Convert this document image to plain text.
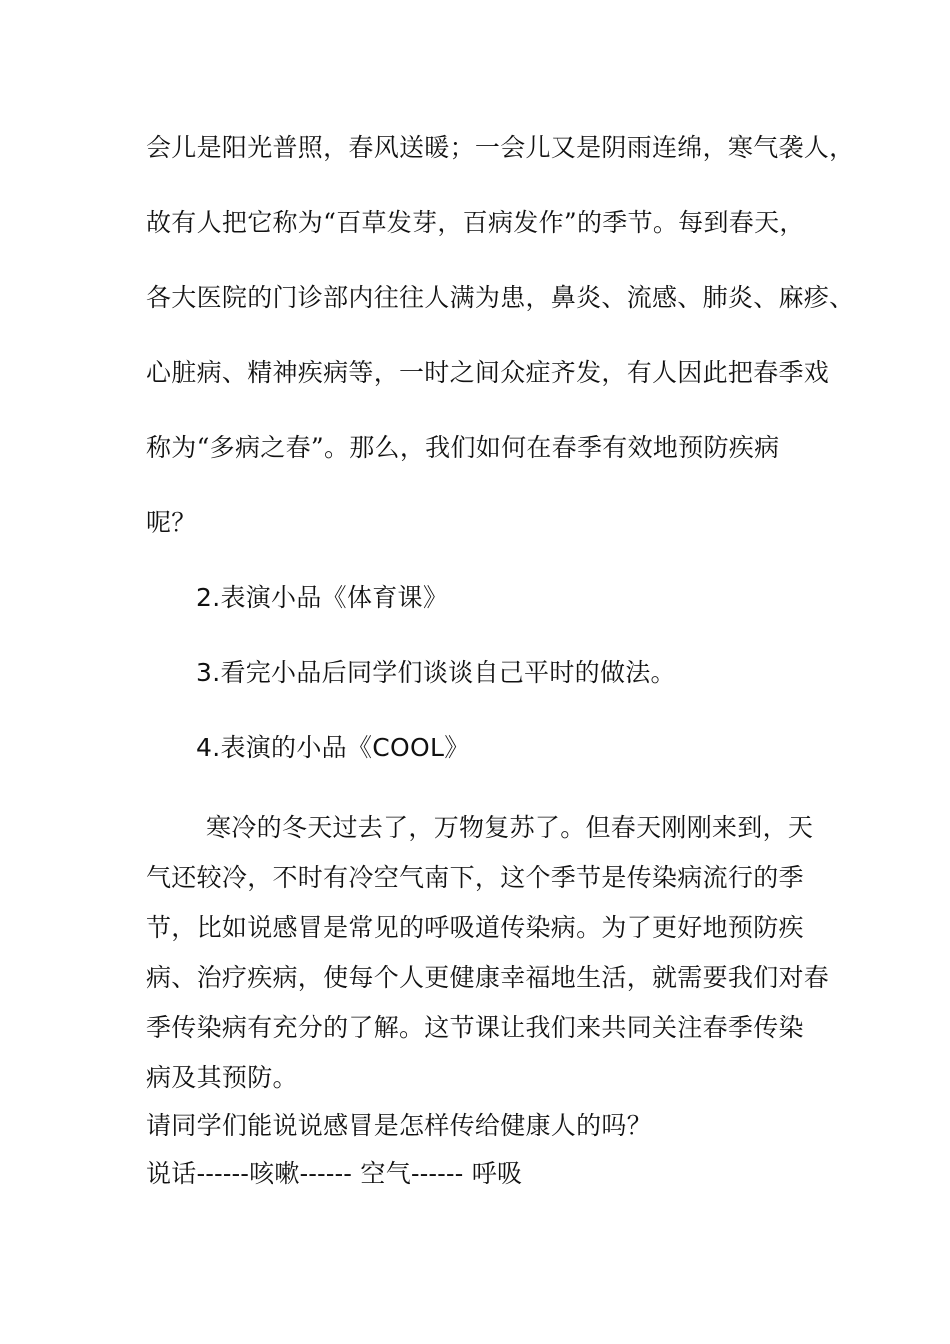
会儿是阳光普照，春风送暖；一会儿又是阴雨连绵，寒气袭人，
故有人把它称为“百草发芽，百病发作”的季节。每到春天，
各大医院的门诊部内往往人满为患，鼻炎、流感、肺炎、麻疹、
心脏病、精神疾病等，一时之间众症齐发，有人因此把春季戏
称为“多病之春”。那么，我们如何在春季有效地预防疾病
呢？
2.表演小品《体育课》
3.看完小品后同学们谈谈自己平时的做法。
4.表演的小品《COOL》
寒冷的冬天过去了，万物复苏了。但春天刚刚来到，天
气还较冷，不时有冷空气南下，这个季节是传染病流行的季
节，比如说感冒是常见的呼吸道传染病。为了更好地预防疾
病、治疗疾病，使每个人更健康幸福地生活，就需要我们对春
季传染病有充分的了解。这节课让我们来共同关注春季传染
病及其预防。
请同学们能说说感冒是怎样传给健康人的吗？
说话------咳嗽------ 空气------ 呼吸
